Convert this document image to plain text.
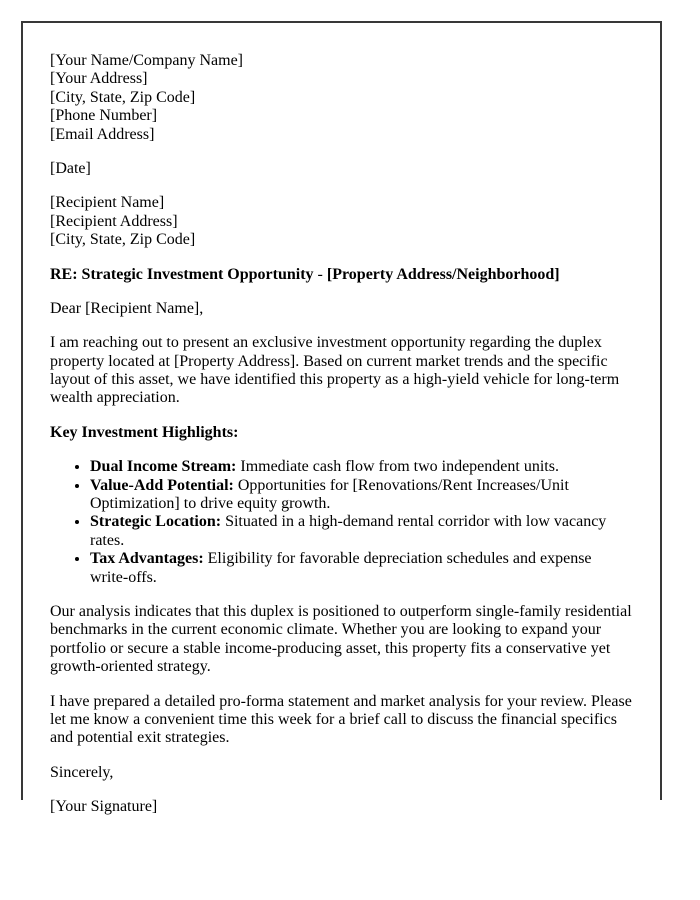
[Your Name/Company Name]
[Your Address]
[City, State, Zip Code]
[Phone Number]
[Email Address]

[Date]

[Recipient Name]
[Recipient Address]
[City, State, Zip Code]

RE: Strategic Investment Opportunity - [Property Address/Neighborhood]

Dear [Recipient Name],

I am reaching out to present an exclusive investment opportunity regarding the duplex property located at [Property Address]. Based on current market trends and the specific layout of this asset, we have identified this property as a high-yield vehicle for long-term wealth appreciation.

Key Investment Highlights:

• Dual Income Stream: Immediate cash flow from two independent units.
• Value-Add Potential: Opportunities for [Renovations/Rent Increases/Unit Optimization] to drive equity growth.
• Strategic Location: Situated in a high-demand rental corridor with low vacancy rates.
• Tax Advantages: Eligibility for favorable depreciation schedules and expense write-offs.

Our analysis indicates that this duplex is positioned to outperform single-family residential benchmarks in the current economic climate. Whether you are looking to expand your portfolio or secure a stable income-producing asset, this property fits a conservative yet growth-oriented strategy.

I have prepared a detailed pro-forma statement and market analysis for your review. Please let me know a convenient time this week for a brief call to discuss the financial specifics and potential exit strategies.

Sincerely,

[Your Signature]
